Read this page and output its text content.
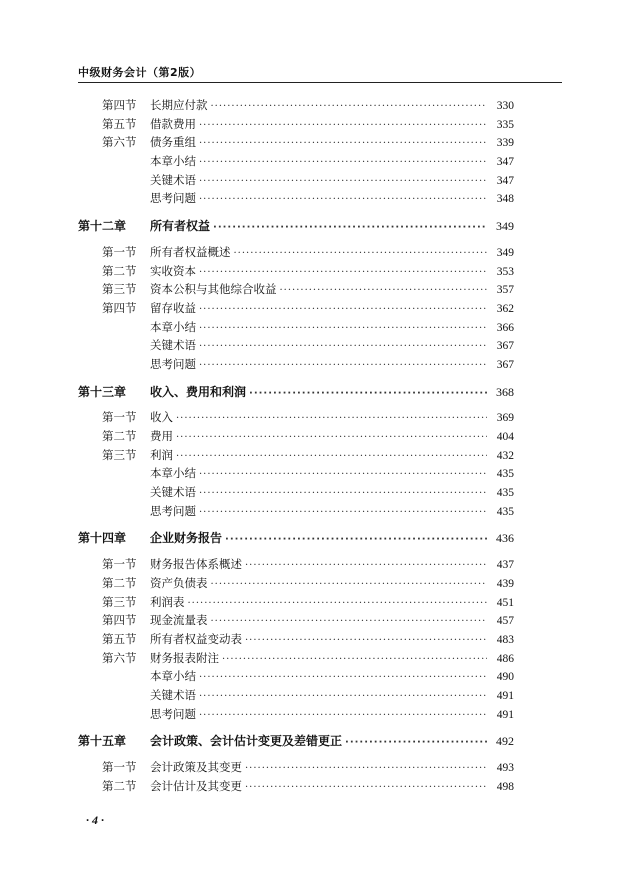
中级财务会计（第2版）
第四节	长期应付款 ·····	330
第五节	借款费用 ·····	335
第六节	债务重组 ·····	339
本章小结 ·····	347
关键术语 ·····	347
思考问题 ·····	348
第十二章	所有者权益 ·····	349
第一节	所有者权益概述 ·····	349
第二节	实收资本 ·····	353
第三节	资本公积与其他综合收益 ·····	357
第四节	留存收益 ·····	362
本章小结 ·····	366
关键术语 ·····	367
思考问题 ·····	367
第十三章	收入、费用和利润 ·····	368
第一节	收入 ·····	369
第二节	费用 ·····	404
第三节	利润 ·····	432
本章小结 ·····	435
关键术语 ·····	435
思考问题 ·····	435
第十四章	企业财务报告 ·····	436
第一节	财务报告体系概述 ·····	437
第二节	资产负债表 ·····	439
第三节	利润表 ·····	451
第四节	现金流量表 ·····	457
第五节	所有者权益变动表 ·····	483
第六节	财务报表附注 ·····	486
本章小结 ·····	490
关键术语 ·····	491
思考问题 ·····	491
第十五章	会计政策、会计估计变更及差错更正 ·····	492
第一节	会计政策及其变更 ·····	493
第二节	会计估计及其变更 ·····	498
· 4 ·
